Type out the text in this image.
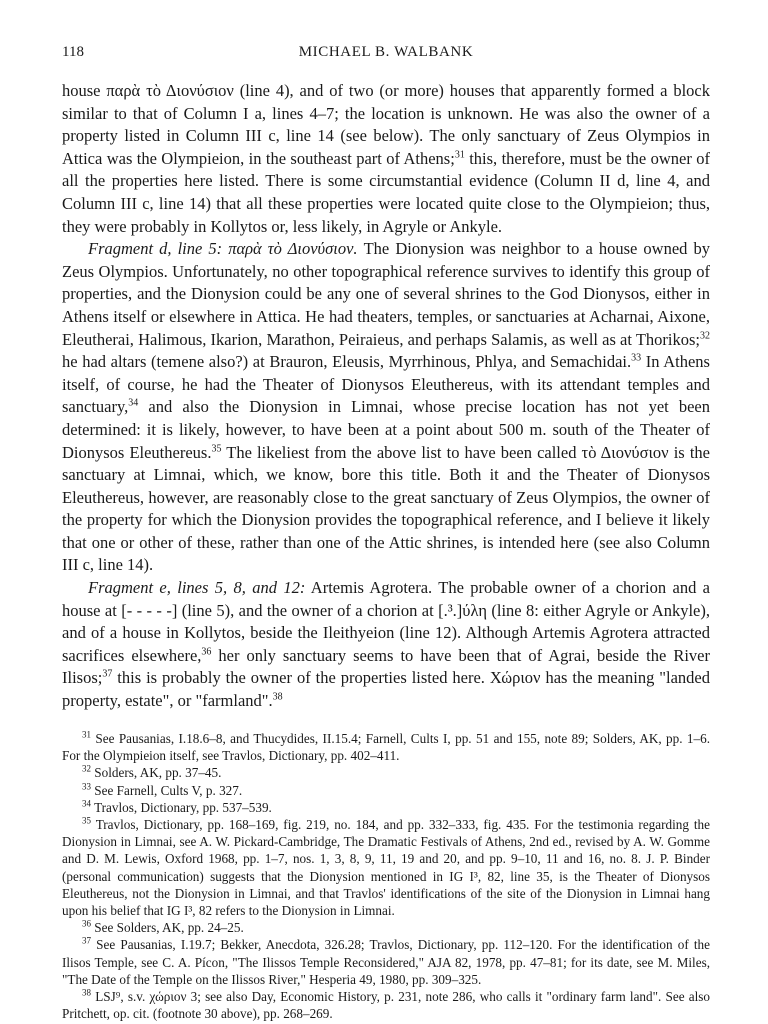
118	MICHAEL B. WALBANK

house παρὰ τὸ Διονύσιον (line 4), and of two (or more) houses that apparently formed a block similar to that of Column I a, lines 4–7; the location is unknown. He was also the owner of a property listed in Column III c, line 14 (see below). The only sanctuary of Zeus Olympios in Attica was the Olympieion, in the southeast part of Athens;$^{31}$ this, therefore, must be the owner of all the properties here listed. There is some circumstantial evidence (Column II d, line 4, and Column III c, line 14) that all these properties were located quite close to the Olympieion; thus, they were probably in Kollytos or, less likely, in Agryle or Ankyle.

Fragment d, line 5: παρὰ τὸ Διονύσιον. The Dionysion was neighbor to a house owned by Zeus Olympios. Unfortunately, no other topographical reference survives to identify this group of properties, and the Dionysion could be any one of several shrines to the God Dionysos, either in Athens itself or elsewhere in Attica. He had theaters, temples, or sanctuaries at Acharnai, Aixone, Eleutherai, Halimous, Ikarion, Marathon, Peiraieus, and perhaps Salamis, as well as at Thorikos;$^{32}$ he had altars (temene also?) at Brauron, Eleusis, Myrrhinous, Phlya, and Semachidai.$^{33}$ In Athens itself, of course, he had the Theater of Dionysos Eleuthereus, with its attendant temples and sanctuary,$^{34}$ and also the Dionysion in Limnai, whose precise location has not yet been determined: it is likely, however, to have been at a point about 500 m. south of the Theater of Dionysos Eleuthereus.$^{35}$ The likeliest from the above list to have been called τὸ Διονύσιον is the sanctuary at Limnai, which, we know, bore this title. Both it and the Theater of Dionysos Eleuthereus, however, are reasonably close to the great sanctuary of Zeus Olympios, the owner of the property for which the Dionysion provides the topographical reference, and I believe it likely that one or other of these, rather than one of the Attic shrines, is intended here (see also Column III c, line 14).

Fragment e, lines 5, 8, and 12: Artemis Agrotera. The probable owner of a chorion and a house at [- - - - -] (line 5), and the owner of a chorion at [.³.]ύλη (line 8: either Agryle or Ankyle), and of a house in Kollytos, beside the Ileithyeion (line 12). Although Artemis Agrotera attracted sacrifices elsewhere,$^{36}$ her only sanctuary seems to have been that of Agrai, beside the River Ilisos;$^{37}$ this is probably the owner of the properties listed here. Χώριον has the meaning "landed property, estate", or "farmland".$^{38}$

$^{31}$ See Pausanias, I.18.6–8, and Thucydides, II.15.4; Farnell, Cults I, pp. 51 and 155, note 89; Solders, AK, pp. 1–6. For the Olympieion itself, see Travlos, Dictionary, pp. 402–411.

$^{32}$ Solders, AK, pp. 37–45.

$^{33}$ See Farnell, Cults V, p. 327.

$^{34}$ Travlos, Dictionary, pp. 537–539.

$^{35}$ Travlos, Dictionary, pp. 168–169, fig. 219, no. 184, and pp. 332–333, fig. 435. For the testimonia regarding the Dionysion in Limnai, see A. W. Pickard-Cambridge, The Dramatic Festivals of Athens, 2nd ed., revised by A. W. Gomme and D. M. Lewis, Oxford 1968, pp. 1–7, nos. 1, 3, 8, 9, 11, 19 and 20, and pp. 9–10, 11 and 16, no. 8. J. P. Binder (personal communication) suggests that the Dionysion mentioned in IG I³, 82, line 35, is the Theater of Dionysos Eleuthereus, not the Dionysion in Limnai, and that Travlos' identifications of the site of the Dionysion in Limnai hang upon his belief that IG I³, 82 refers to the Dionysion in Limnai.

$^{36}$ See Solders, AK, pp. 24–25.

$^{37}$ See Pausanias, I.19.7; Bekker, Anecdota, 326.28; Travlos, Dictionary, pp. 112–120. For the identification of the Ilisos Temple, see C. A. Pícon, "The Ilissos Temple Reconsidered," AJA 82, 1978, pp. 47–81; for its date, see M. Miles, "The Date of the Temple on the Ilissos River," Hesperia 49, 1980, pp. 309–325.

$^{38}$ LSJ⁹, s.v. χώριον 3; see also Day, Economic History, p. 231, note 286, who calls it "ordinary farm land". See also Pritchett, op. cit. (footnote 30 above), pp. 268–269.
